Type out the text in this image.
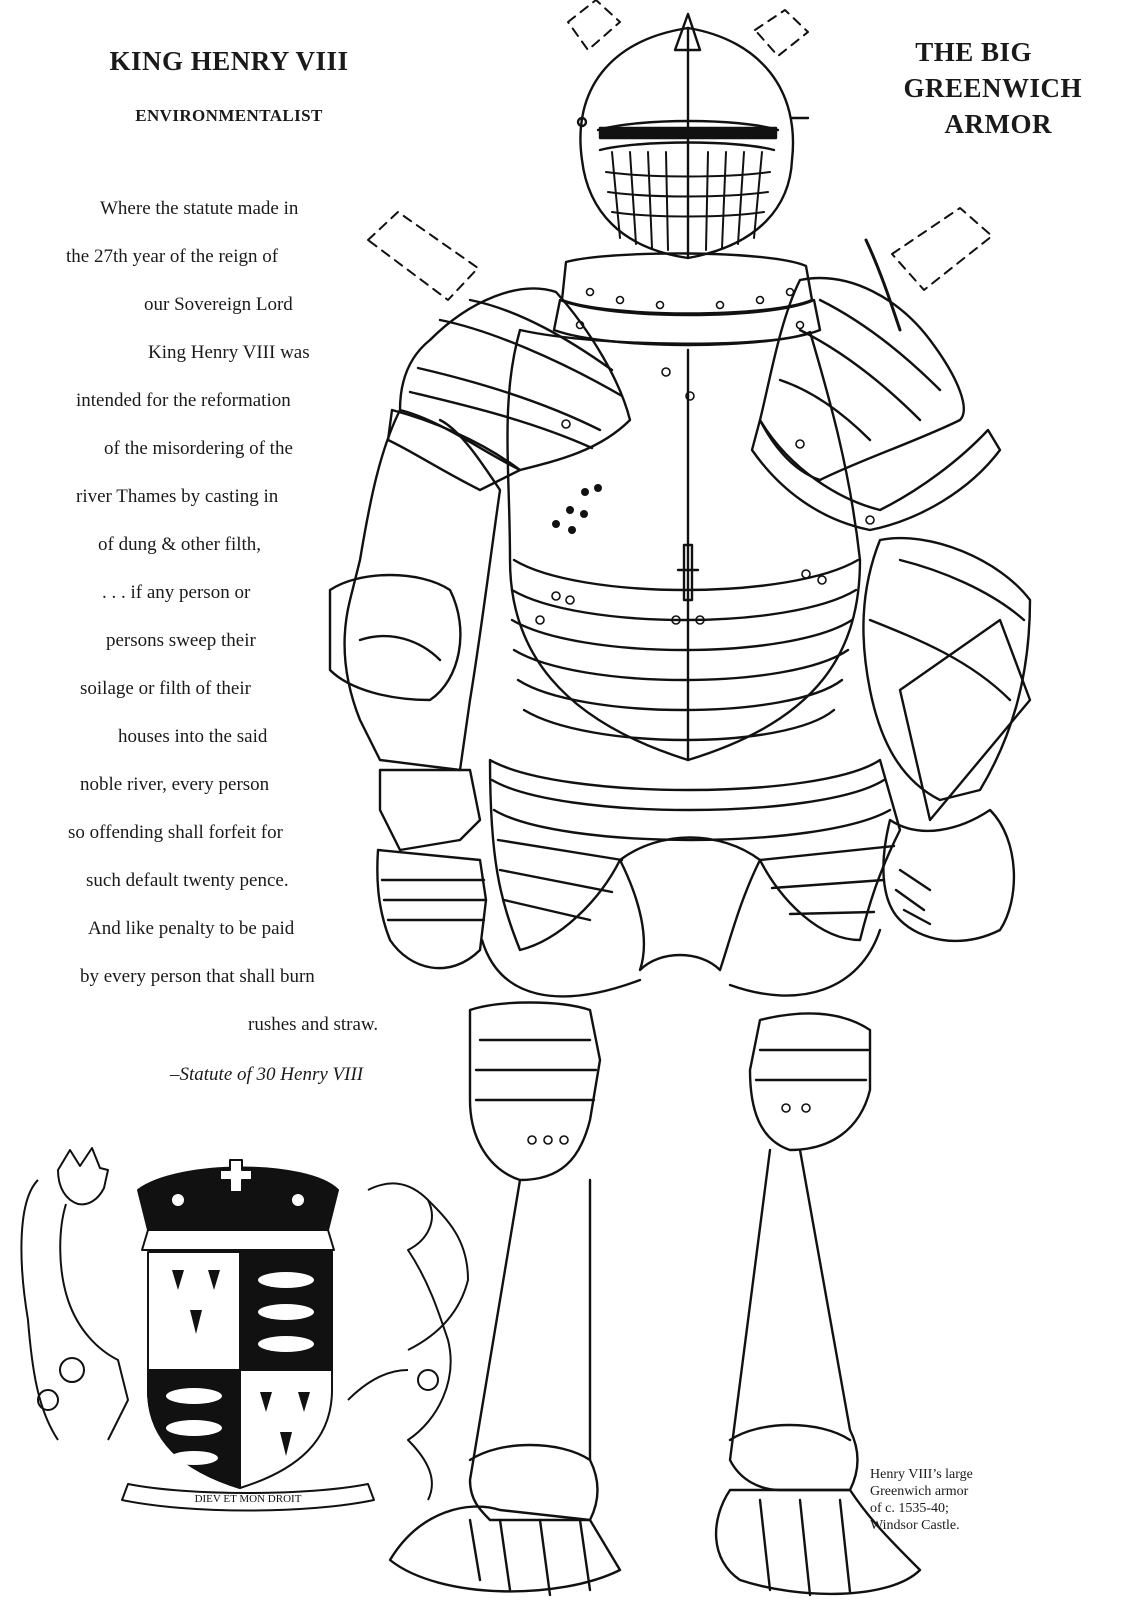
KING HENRY VIII
ENVIRONMENTALIST
THE BIG
GREENWICH
ARMOR
Where the statute made in
the 27th year of the reign of
our Sovereign Lord
King Henry VIII was
intended for the reformation
of the misordering of the
river Thames by casting in
of dung & other filth,
. . . if any person or
persons sweep their
soilage or filth of their
houses into the said
noble river, every person
so offending shall forfeit for
such default twenty pence.
And like penalty to be paid
by every person that shall burn
rushes and straw.
–Statute of 30 Henry VIII
DIEV ET MON DROIT
Henry VIII’s large
Greenwich armor
of c. 1535-40;
Windsor Castle.
